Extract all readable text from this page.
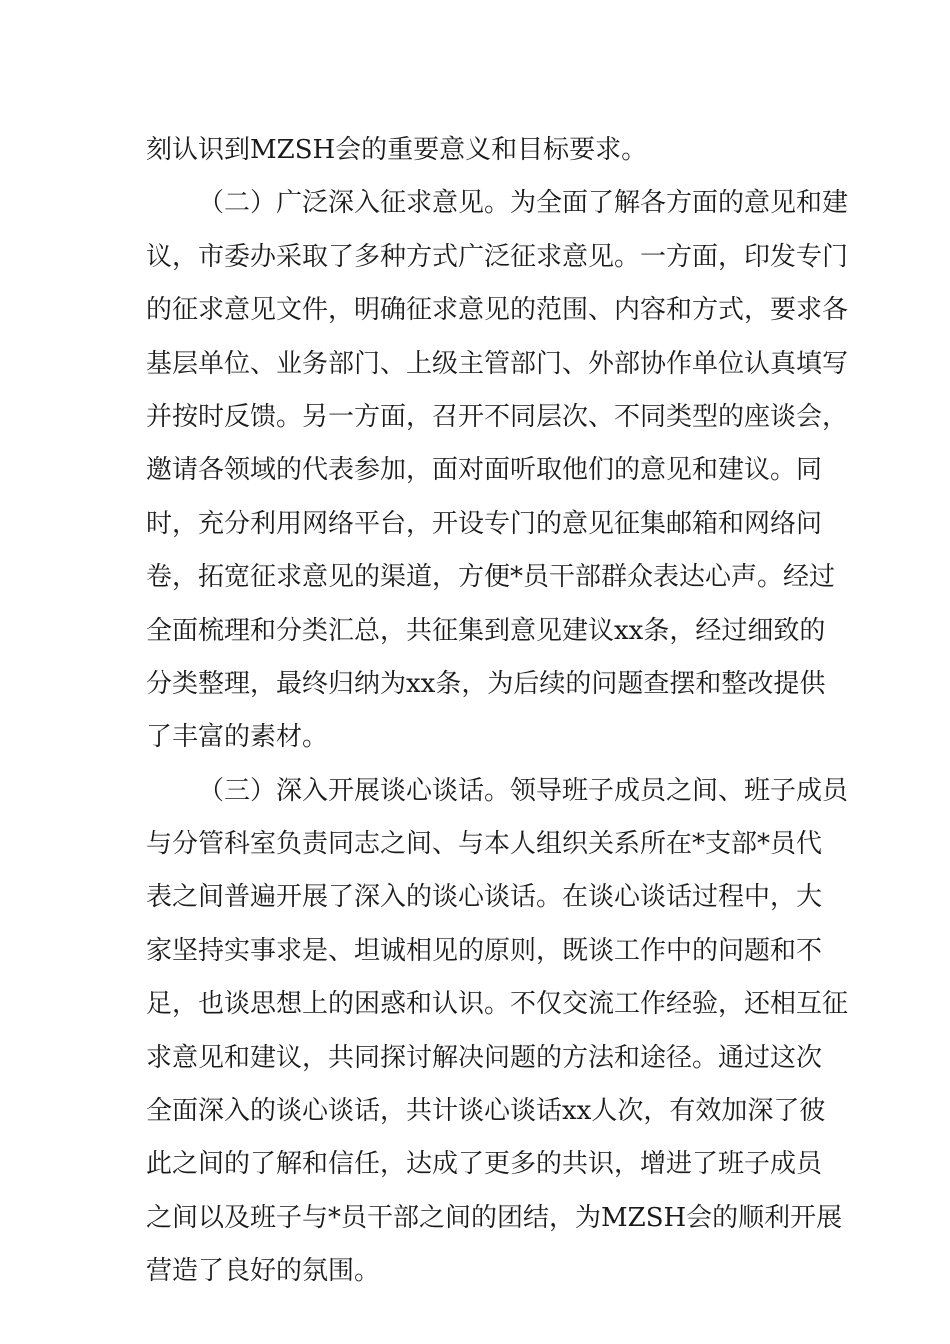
刻认识到MZSH会的重要意义和目标要求。
（二）广泛深入征求意见。为全面了解各方面的意见和建
议，市委办采取了多种方式广泛征求意见。一方面，印发专门
的征求意见文件，明确征求意见的范围、内容和方式，要求各
基层单位、业务部门、上级主管部门、外部协作单位认真填写
并按时反馈。另一方面，召开不同层次、不同类型的座谈会，
邀请各领域的代表参加，面对面听取他们的意见和建议。同
时，充分利用网络平台，开设专门的意见征集邮箱和网络问
卷，拓宽征求意见的渠道，方便*员干部群众表达心声。经过
全面梳理和分类汇总，共征集到意见建议xx条，经过细致的
分类整理，最终归纳为xx条，为后续的问题查摆和整改提供
了丰富的素材。
（三）深入开展谈心谈话。领导班子成员之间、班子成员
与分管科室负责同志之间、与本人组织关系所在*支部*员代
表之间普遍开展了深入的谈心谈话。在谈心谈话过程中，大
家坚持实事求是、坦诚相见的原则，既谈工作中的问题和不
足，也谈思想上的困惑和认识。不仅交流工作经验，还相互征
求意见和建议，共同探讨解决问题的方法和途径。通过这次
全面深入的谈心谈话，共计谈心谈话xx人次，有效加深了彼
此之间的了解和信任，达成了更多的共识，增进了班子成员
之间以及班子与*员干部之间的团结，为MZSH会的顺利开展
营造了良好的氛围。
